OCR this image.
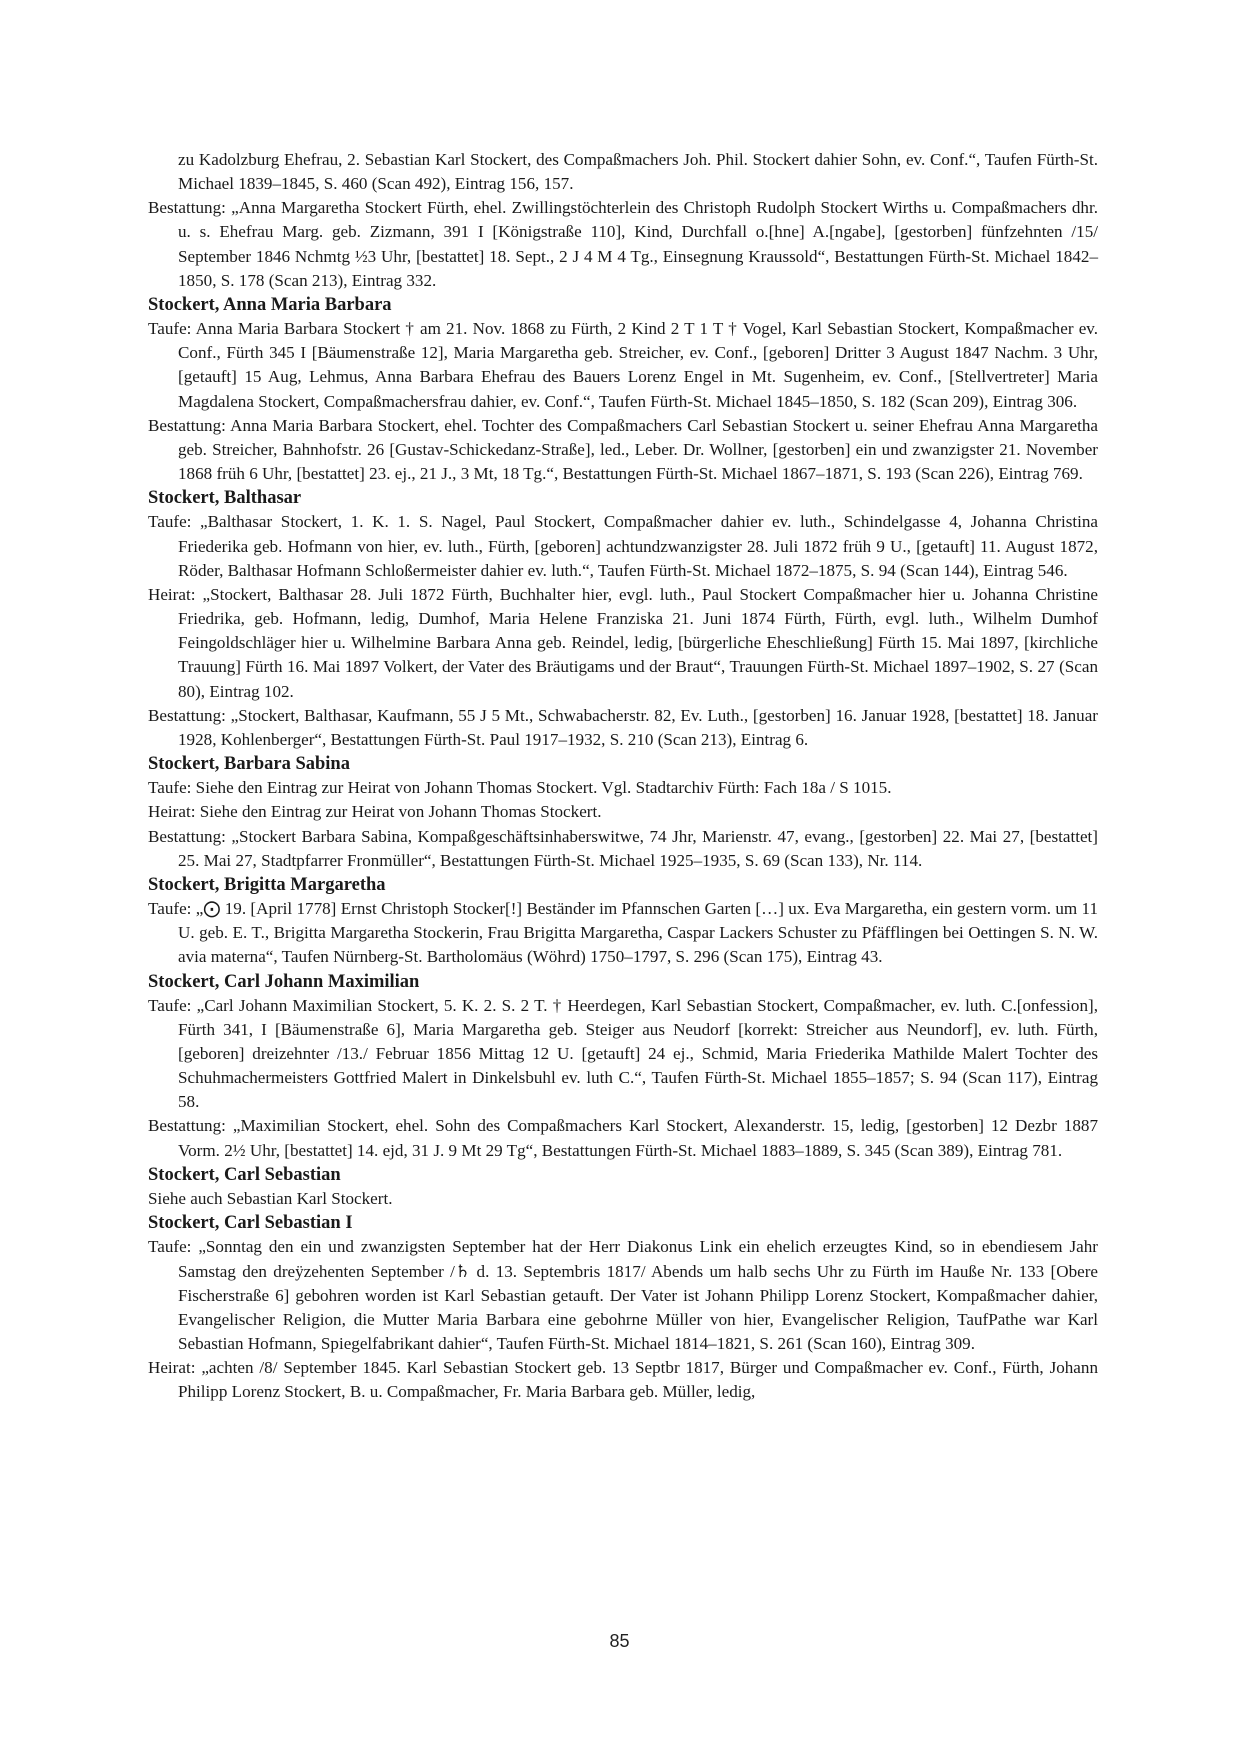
zu Kadolzburg Ehefrau, 2. Sebastian Karl Stockert, des Compaßmachers Joh. Phil. Stockert dahier Sohn, ev. Conf.“, Taufen Fürth-St. Michael 1839–1845, S. 460 (Scan 492), Eintrag 156, 157.

Bestattung: „Anna Margaretha Stockert Fürth, ehel. Zwillingstöchterlein des Christoph Rudolph Stockert Wirths u. Compaßmachers dhr. u. s. Ehefrau Marg. geb. Zizmann, 391 I [Königstraße 110], Kind, Durchfall o.[hne] A.[ngabe], [gestorben] fünfzehnten /15/ September 1846 Nchmtg ½3 Uhr, [bestattet] 18. Sept., 2 J 4 M 4 Tg., Einsegnung Kraussold“, Bestattungen Fürth-St. Michael 1842–1850, S. 178 (Scan 213), Eintrag 332.

Stockert, Anna Maria Barbara

Taufe: Anna Maria Barbara Stockert † am 21. Nov. 1868 zu Fürth, 2 Kind 2 T 1 T † Vogel, Karl Sebastian Stockert, Kompaßmacher ev. Conf., Fürth 345 I [Bäumenstraße 12], Maria Margaretha geb. Streicher, ev. Conf., [geboren] Dritter 3 August 1847 Nachm. 3 Uhr, [getauft] 15 Aug, Lehmus, Anna Barbara Ehefrau des Bauers Lorenz Engel in Mt. Sugenheim, ev. Conf., [Stellvertreter] Maria Magdalena Stockert, Compaßmachersfrau dahier, ev. Conf.“, Taufen Fürth-St. Michael 1845–1850, S. 182 (Scan 209), Eintrag 306.

Bestattung: Anna Maria Barbara Stockert, ehel. Tochter des Compaßmachers Carl Sebastian Stockert u. seiner Ehefrau Anna Margaretha geb. Streicher, Bahnhofstr. 26 [Gustav-Schickedanz-Straße], led., Leber. Dr. Wollner, [gestorben] ein und zwanzigster 21. November 1868 früh 6 Uhr, [bestattet] 23. ej., 21 J., 3 Mt, 18 Tg.“, Bestattungen Fürth-St. Michael 1867–1871, S. 193 (Scan 226), Eintrag 769.

Stockert, Balthasar

Taufe: „Balthasar Stockert, 1. K. 1. S. Nagel, Paul Stockert, Compaßmacher dahier ev. luth., Schindelgasse 4, Johanna Christina Friederika geb. Hofmann von hier, ev. luth., Fürth, [geboren] achtundzwanzigster 28. Juli 1872 früh 9 U., [getauft] 11. August 1872, Röder, Balthasar Hofmann Schloßermeister dahier ev. luth.“, Taufen Fürth-St. Michael 1872–1875, S. 94 (Scan 144), Eintrag 546.

Heirat: „Stockert, Balthasar 28. Juli 1872 Fürth, Buchhalter hier, evgl. luth., Paul Stockert Compaßmacher hier u. Johanna Christine Friedrika, geb. Hofmann, ledig, Dumhof, Maria Helene Franziska 21. Juni 1874 Fürth, Fürth, evgl. luth., Wilhelm Dumhof Feingoldschläger hier u. Wilhelmine Barbara Anna geb. Reindel, ledig, [bürgerliche Eheschließung] Fürth 15. Mai 1897, [kirchliche Trauung] Fürth 16. Mai 1897 Volkert, der Vater des Bräutigams und der Braut“, Trauungen Fürth-St. Michael 1897–1902, S. 27 (Scan 80), Eintrag 102.

Bestattung: „Stockert, Balthasar, Kaufmann, 55 J 5 Mt., Schwabacherstr. 82, Ev. Luth., [gestorben] 16. Januar 1928, [bestattet] 18. Januar 1928, Kohlenberger“, Bestattungen Fürth-St. Paul 1917–1932, S. 210 (Scan 213), Eintrag 6.

Stockert, Barbara Sabina

Taufe: Siehe den Eintrag zur Heirat von Johann Thomas Stockert. Vgl. Stadtarchiv Fürth: Fach 18a / S 1015.

Heirat: Siehe den Eintrag zur Heirat von Johann Thomas Stockert.

Bestattung: „Stockert Barbara Sabina, Kompaßgeschäftsinhaberswitwe, 74 Jhr, Marienstr. 47, evang., [gestorben] 22. Mai 27, [bestattet] 25. Mai 27, Stadtpfarrer Fronmüller“, Bestattungen Fürth-St. Michael 1925–1935, S. 69 (Scan 133), Nr. 114.

Stockert, Brigitta Margaretha

Taufe: „⨀ 19. [April 1778] Ernst Christoph Stocker[!] Beständer im Pfannschen Garten […] ux. Eva Margaretha, ein gestern vorm. um 11 U. geb. E. T., Brigitta Margaretha Stockerin, Frau Brigitta Margaretha, Caspar Lackers Schuster zu Pfäfflingen bei Oettingen S. N. W. avia materna“, Taufen Nürnberg-St. Bartholomäus (Wöhrd) 1750–1797, S. 296 (Scan 175), Eintrag 43.

Stockert, Carl Johann Maximilian

Taufe: „Carl Johann Maximilian Stockert, 5. K. 2. S. 2 T. † Heerdegen, Karl Sebastian Stockert, Compaßmacher, ev. luth. C.[onfession], Fürth 341, I [Bäumenstraße 6], Maria Margaretha geb. Steiger aus Neudorf [korrekt: Streicher aus Neundorf], ev. luth. Fürth, [geboren] dreizehnter /13./ Februar 1856 Mittag 12 U. [getauft] 24 ej., Schmid, Maria Friederika Mathilde Malert Tochter des Schuhmachermeisters Gottfried Malert in Dinkelsbuhl ev. luth C.“, Taufen Fürth-St. Michael 1855–1857; S. 94 (Scan 117), Eintrag 58.

Bestattung: „Maximilian Stockert, ehel. Sohn des Compaßmachers Karl Stockert, Alexanderstr. 15, ledig, [gestorben] 12 Dezbr 1887 Vorm. 2½ Uhr, [bestattet] 14. ejd, 31 J. 9 Mt 29 Tg“, Bestattungen Fürth-St. Michael 1883–1889, S. 345 (Scan 389), Eintrag 781.

Stockert, Carl Sebastian

Siehe auch Sebastian Karl Stockert.

Stockert, Carl Sebastian I

Taufe: „Sonntag den ein und zwanzigsten September hat der Herr Diakonus Link ein ehelich erzeugtes Kind, so in ebendiesem Jahr Samstag den dreÿzehenten September /♄ d. 13. Septembris 1817/ Abends um halb sechs Uhr zu Fürth im Hauße Nr. 133 [Obere Fischerstraße 6] gebohren worden ist Karl Sebastian getauft. Der Vater ist Johann Philipp Lorenz Stockert, Kompaßmacher dahier, Evangelischer Religion, die Mutter Maria Barbara eine gebohrne Müller von hier, Evangelischer Religion, TaufPathe war Karl Sebastian Hofmann, Spiegelfabrikant dahier“, Taufen Fürth-St. Michael 1814–1821, S. 261 (Scan 160), Eintrag 309.

Heirat: „achten /8/ September 1845. Karl Sebastian Stockert geb. 13 Septbr 1817, Bürger und Compaßmacher ev. Conf., Fürth, Johann Philipp Lorenz Stockert, B. u. Compaßmacher, Fr. Maria Barbara geb. Müller, ledig,

85
